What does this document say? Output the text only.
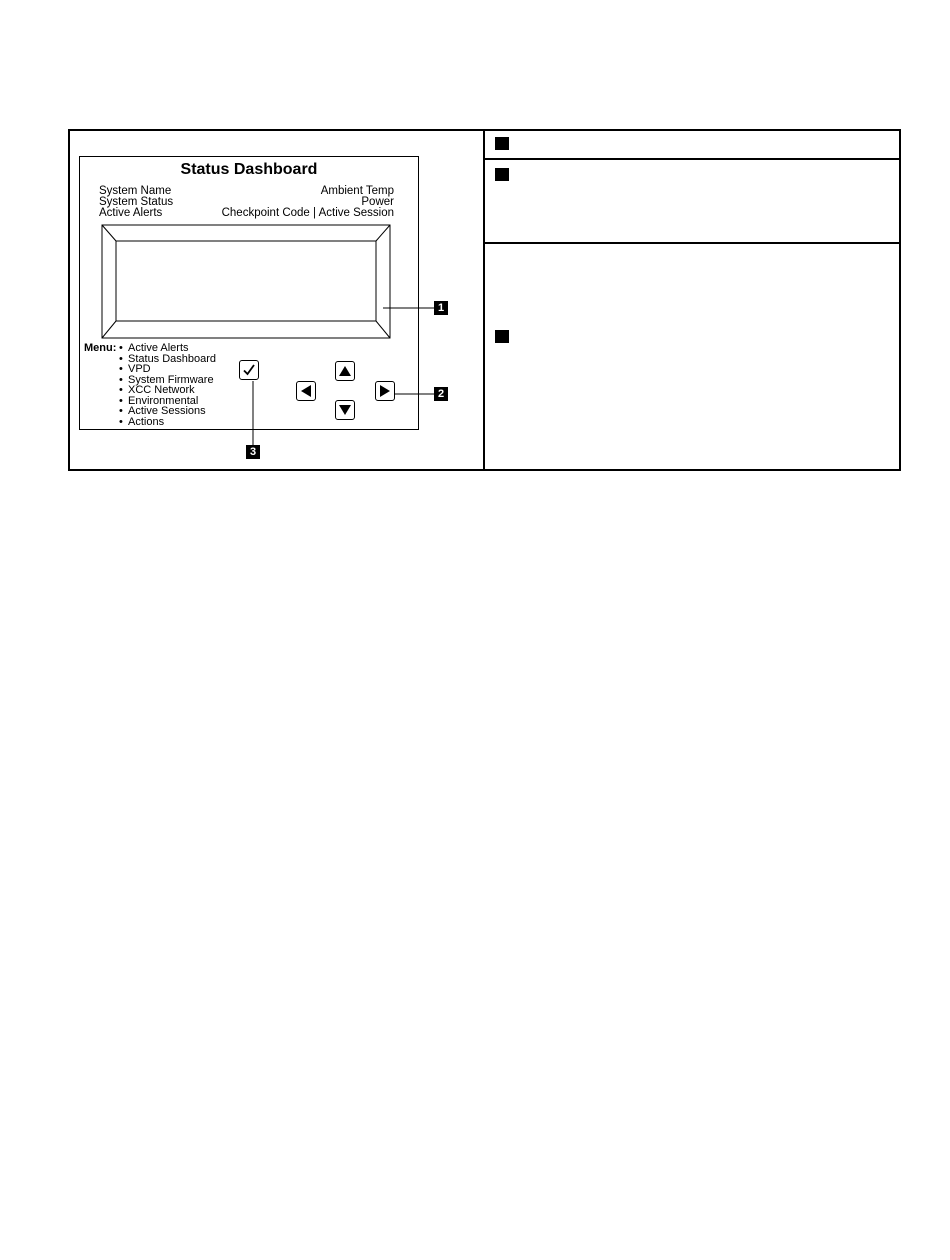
Status Dashboard
System Name
System Status
Active Alerts
Ambient Temp
Power
Checkpoint Code | Active Session
Menu:
•	Active Alerts
• Status Dashboard
• VPD
• System Firmware
• XCC Network
• Environmental
• Active Sessions
• Actions
1
2
3
